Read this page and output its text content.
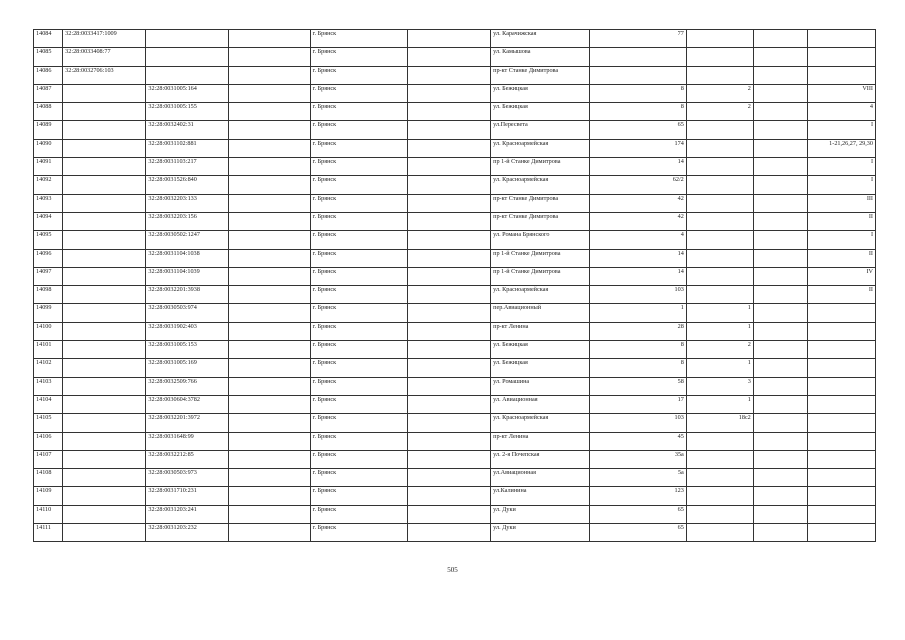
14084	32:28:0033417:1009			г. Брянск		ул. Карачижская	77			
14085	32:28:0033408:77			г. Брянск		ул. Камышова				
14086	32:28:0032706:103			г. Брянск		пр-кт Станке Димитрова				
14087		32:28:0031005:164		г. Брянск		ул. Бежицкая	8	2		VIII
14088		32:28:0031005:155		г. Брянск		ул. Бежицкая	8	2		4
14089		32:28:0032402:31		г. Брянск		ул.Пересвета	65			I
14090		32:28:0031102:881		г. Брянск		ул. Красноармейская	174			1-21,26,27, 29,30
14091		32:28:0031103:217		г. Брянск		пр 1-й Станке Димитрова	14			I
14092		32:28:0031526:840		г. Брянск		ул. Красноармейская	62/2			I
14093		32:28:0032203:133		г. Брянск		пр-кт Станке Димитрова	42			III
14094		32:28:0032203:156		г. Брянск		пр-кт Станке Димитрова	42			II
14095		32:28:0030502:1247		г. Брянск		ул. Романа Брянского	4			I
14096		32:28:0031104:1038		г. Брянск		пр 1-й Станке Димитрова	14			II
14097		32:28:0031104:1039		г. Брянск		пр 1-й Станке Димитрова	14			IV
14098		32:28:0032201:3938		г. Брянск		ул. Красноармейская	103			II
14099		32:28:0030503:974		г. Брянск		пер.Авиационный	1	1		
14100		32:28:0031902:403		г. Брянск		пр-кт Ленина	28	1		
14101		32:28:0031005:153		г. Брянск		ул. Бежицкая	8	2		
14102		32:28:0031005:169		г. Брянск		ул. Бежицкая	8	1		
14103		32:28:0032509:766		г. Брянск		ул. Ромашина	58	3		
14104		32:28:0030604:3782		г. Брянск		ул. Авиационная	17	1		
14105		32:28:0032201:3972		г. Брянск		ул. Красноармейская	103	18с2		
14106		32:28:0031648:99		г. Брянск		пр-кт Ленина	45			
14107		32:28:0032212:85		г. Брянск		ул. 2-я Почепская	35а			
14108		32:28:0030503:973		г. Брянск		ул.Авиационная	5а			
14109		32:28:0031710:231		г. Брянск		ул.Калинина	123			
14110		32:28:0031203:241		г. Брянск		ул. Дуки	65			
14111		32:28:0031203:232		г. Брянск		ул. Дуки	65			
505
